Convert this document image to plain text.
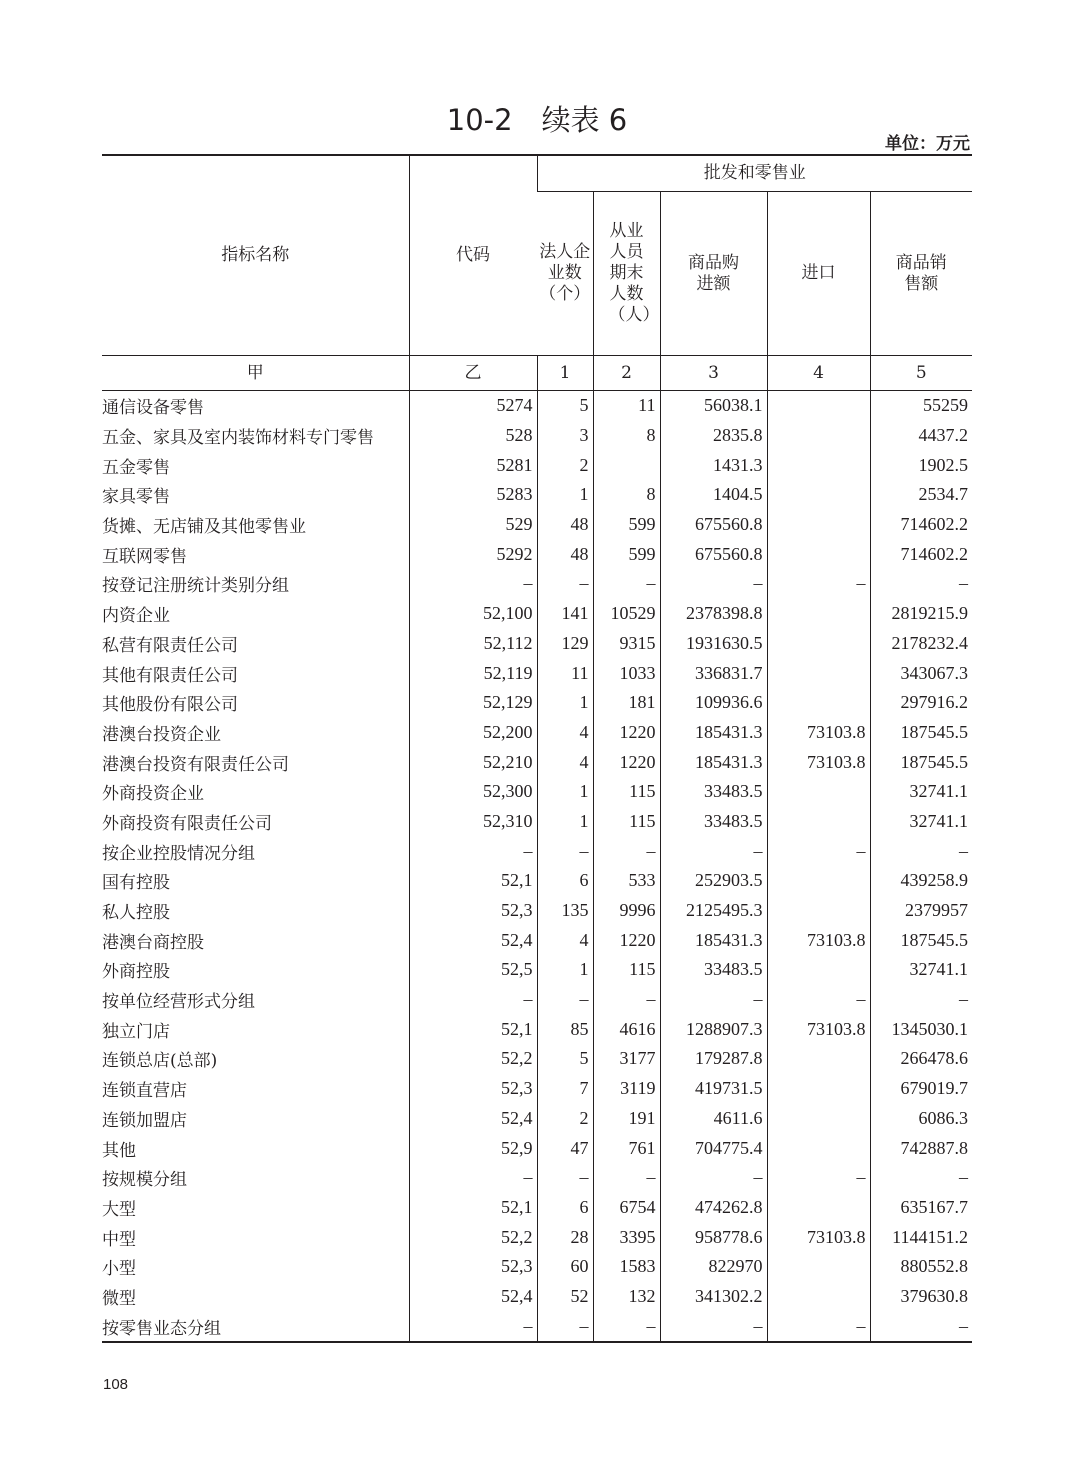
10-2　续表 6
单位：万元
指标名称	代码	批发和零售业				

		法人企业数（个）	从业人员期末人数（人）	商品购进额	进口	商品销售额

甲	乙	1	2	3	4	5
通信设备零售	5274	5	11	56038.1		55259
五金、家具及室内装饰材料专门零售	528	3	8	2835.8		4437.2
五金零售	5281	2		1431.3		1902.5
家具零售	5283	1	8	1404.5		2534.7
货摊、无店铺及其他零售业	529	48	599	675560.8		714602.2
互联网零售	5292	48	599	675560.8		714602.2
按登记注册统计类别分组	–	–	–	–	–	–
内资企业	52,100	141	10529	2378398.8		2819215.9
私营有限责任公司	52,112	129	9315	1931630.5		2178232.4
其他有限责任公司	52,119	11	1033	336831.7		343067.3
其他股份有限公司	52,129	1	181	109936.6		297916.2
港澳台投资企业	52,200	4	1220	185431.3	73103.8	187545.5
港澳台投资有限责任公司	52,210	4	1220	185431.3	73103.8	187545.5
外商投资企业	52,300	1	115	33483.5		32741.1
外商投资有限责任公司	52,310	1	115	33483.5		32741.1
按企业控股情况分组	–	–	–	–	–	–
国有控股	52,1	6	533	252903.5		439258.9
私人控股	52,3	135	9996	2125495.3		2379957
港澳台商控股	52,4	4	1220	185431.3	73103.8	187545.5
外商控股	52,5	1	115	33483.5		32741.1
按单位经营形式分组	–	–	–	–	–	–
独立门店	52,1	85	4616	1288907.3	73103.8	1345030.1
连锁总店(总部)	52,2	5	3177	179287.8		266478.6
连锁直营店	52,3	7	3119	419731.5		679019.7
连锁加盟店	52,4	2	191	4611.6		6086.3
其他	52,9	47	761	704775.4		742887.8
按规模分组	–	–	–	–	–	–
大型	52,1	6	6754	474262.8		635167.7
中型	52,2	28	3395	958778.6	73103.8	1144151.2
小型	52,3	60	1583	822970		880552.8
微型	52,4	52	132	341302.2		379630.8
按零售业态分组	–	–	–	–	–	–
108
